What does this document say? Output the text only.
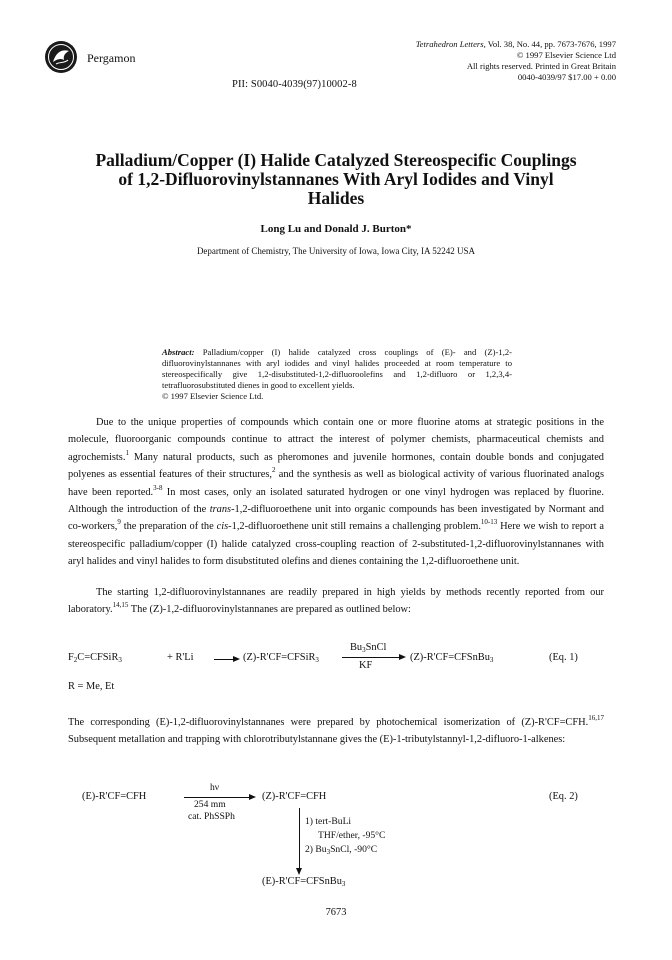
Pergamon
Tetrahedron Letters, Vol. 38, No. 44, pp. 7673-7676, 1997
© 1997 Elsevier Science Ltd
All rights reserved. Printed in Great Britain
0040-4039/97 $17.00 + 0.00
PII: S0040-4039(97)10002-8
Palladium/Copper (I) Halide Catalyzed Stereospecific Couplings
of 1,2-Difluorovinylstannanes With Aryl Iodides and Vinyl
Halides
Long Lu and Donald J. Burton*
Department of Chemistry, The University of Iowa, Iowa City, IA 52242 USA
Abstract: Palladium/copper (I) halide catalyzed cross couplings of (E)- and (Z)-1,2-difluorovinylstannanes with aryl iodides and vinyl halides proceeded at room temperature to stereospecifically give 1,2-disubstituted-1,2-difluoroolefins and 1,2-difluoro or 1,2,3,4-tetrafluorosubstituted dienes in good to excellent yields.
© 1997 Elsevier Science Ltd.
Due to the unique properties of compounds which contain one or more fluorine atoms at strategic positions in the molecule, fluoroorganic compounds continue to attract the interest of polymer chemists, pharmaceutical chemists and agrochemists.$^1$ Many natural products, such as pheromones and juvenile hormones, contain double bonds and conjugated polyenes as essential features of their structures,$^2$ and the synthesis as well as biological activity of various fluorinated analogs have been reported.$^{3-8}$ In most cases, only an isolated saturated hydrogen or one vinyl hydrogen was replaced by fluorine. Although the introduction of the trans-1,2-difluoroethene unit into organic compounds has been investigated by Normant and co-workers,$^9$ the preparation of the cis-1,2-difluoroethene unit still remains a challenging problem.$^{10-13}$ Here we wish to report a stereospecific palladium/copper (I) halide catalyzed cross-coupling reaction of 2-substituted-1,2-difluorovinylstannanes with aryl halides and vinyl halides to form disubstituted olefins and dienes containing the 1,2-difluoroethene unit.
The starting 1,2-difluorovinylstannanes are readily prepared in high yields by methods recently reported from our laboratory.$^{14,15}$ The (Z)-1,2-difluorovinylstannanes are prepared as outlined below:
$F_2C=CFSiR_3$	+ R'Li	(Z)-R'CF=CFSiR$_3$
$Bu_3SnCl$
KF
(Z)-R'CF=CFSnBu$_3$	(Eq. 1)
R = Me, Et
The corresponding (E)-1,2-difluorovinylstannanes were prepared by photochemical isomerization of (Z)-R'CF=CFH.$^{16,17}$ Subsequent metallation and trapping with chlorotributylstannane gives the (E)-1-tributylstannyl-1,2-difluoro-1-alkenes:
(E)-R'CF=CFH
hν
254 mm
cat. PhSSPh
(Z)-R'CF=CFH	(Eq. 2)
1) tert-BuLi
THF/ether, -95°C
2) $Bu_3SnCl$, -90°C
(E)-R'CF=CFSnBu$_3$
7673
